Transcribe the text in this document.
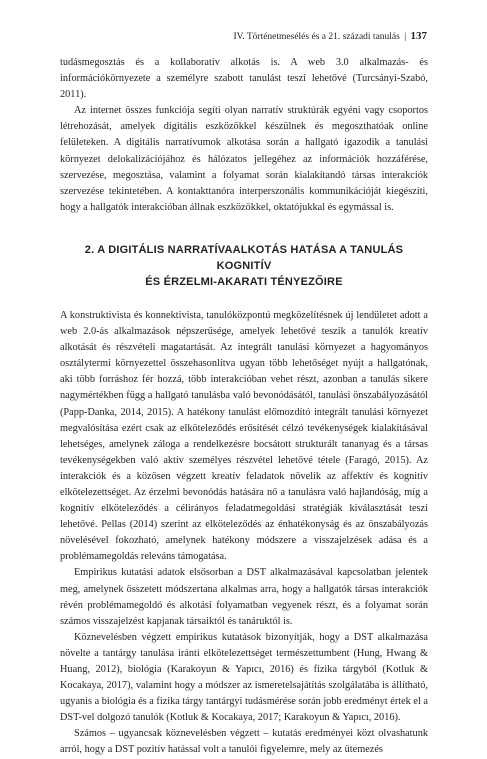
IV. Történetmesélés és a 21. századi tanulás | 137

tudásmegosztás és a kollaboratív alkotás is. A web 3.0 alkalmazás- és információkörnyezete a személyre szabott tanulást teszi lehetővé (Turcsányi-Szabó, 2011).

Az internet összes funkciója segíti olyan narratív struktúrák egyéni vagy csoportos létrehozását, amelyek digitális eszközökkel készülnek és megoszthatóak online felületeken. A digitális narratívumok alkotása során a hallgató igazodik a tanulási környezet delokalizációjához és hálózatos jellegéhez az információk hozzáférése, szervezése, megosztása, valamint a folyamat során kialakítandó társas interakciók szervezése tekintetében. A kontakttanóra interperszonális kommunikációját kiegészíti, hogy a hallgatók interakcióban állnak eszközökkel, oktatójukkal és egymással is.

2. A DIGITÁLIS NARRATÍVAALKOTÁS HATÁSA A TANULÁS KOGNITÍV
ÉS ÉRZELMI-AKARATI TÉNYEZŐIRE

A konstruktivista és konnektivista, tanulóközpontú megközelítésnek új lendületet adott a web 2.0-ás alkalmazások népszerűsége, amelyek lehetővé teszik a tanulók kreatív alkotását és részvételi magatartását. Az integrált tanulási környezet a hagyományos osztálytermi környezettel összehasonlítva ugyan több lehetőséget nyújt a hallgatónak, aki több forráshoz fér hozzá, több interakcióban vehet részt, azonban a tanulás sikere nagymértékben függ a hallgató tanulásba való bevonódásától, tanulási önszabályozásától (Papp-Danka, 2014, 2015). A hatékony tanulást előmozdító integrált tanulási környezet megvalósítása ezért csak az elköteleződés erősítését célzó tevékenységek kialakításával lehetséges, amelynek záloga a rendelkezésre bocsátott strukturált tananyag és a társas tevékenységekben való aktív személyes részvétel lehetővé tétele (Faragó, 2015). Az interakciók és a közösen végzett kreatív feladatok növelik az affektív és kognitív elkötelezettséget. Az érzelmi bevonódás hatására nő a tanulásra való hajlandóság, míg a kognitív elköteleződés a célirányos feladatmegoldási stratégiák kiválasztását teszi lehetővé. Pellas (2014) szerint az elköteleződés az énhatékonyság és az önszabályozás növelésével fokozható, amelynek hatékony módszere a visszajelzések adása és a problémamegoldás releváns támogatása.

Empirikus kutatási adatok elsősorban a DST alkalmazásával kapcsolatban jelentek meg, amelynek összetett módszertana alkalmas arra, hogy a hallgatók társas interakciók révén problémamegoldó és alkotási folyamatban vegyenek részt, és a folyamat során számos visszajelzést kapjanak társaiktól és tanáruktól is.

Köznevelésben végzett empirikus kutatások bizonyítják, hogy a DST alkalmazása növelte a tantárgy tanulása iránti elkötelezettséget természettumbent (Hung, Hwang & Huang, 2012), biológia (Karakoyun & Yapıcı, 2016) és fizika tárgyból (Kotluk & Kocakaya, 2017), valamint hogy a módszer az ismeretelsajátítás szolgálatába is állítható, ugyanis a biológia és a fizika tárgy tantárgyi tudásmérése során jobb eredményt értek el a DST-vel dolgozó tanulók (Kotluk & Kocakaya, 2017; Karakoyun & Yapıcı, 2016).

Számos – ugyancsak köznevelésben végzett – kutatás eredményei közt olvashatunk arról, hogy a DST pozitív hatással volt a tanulói figyelemre, mely az ütemezés
